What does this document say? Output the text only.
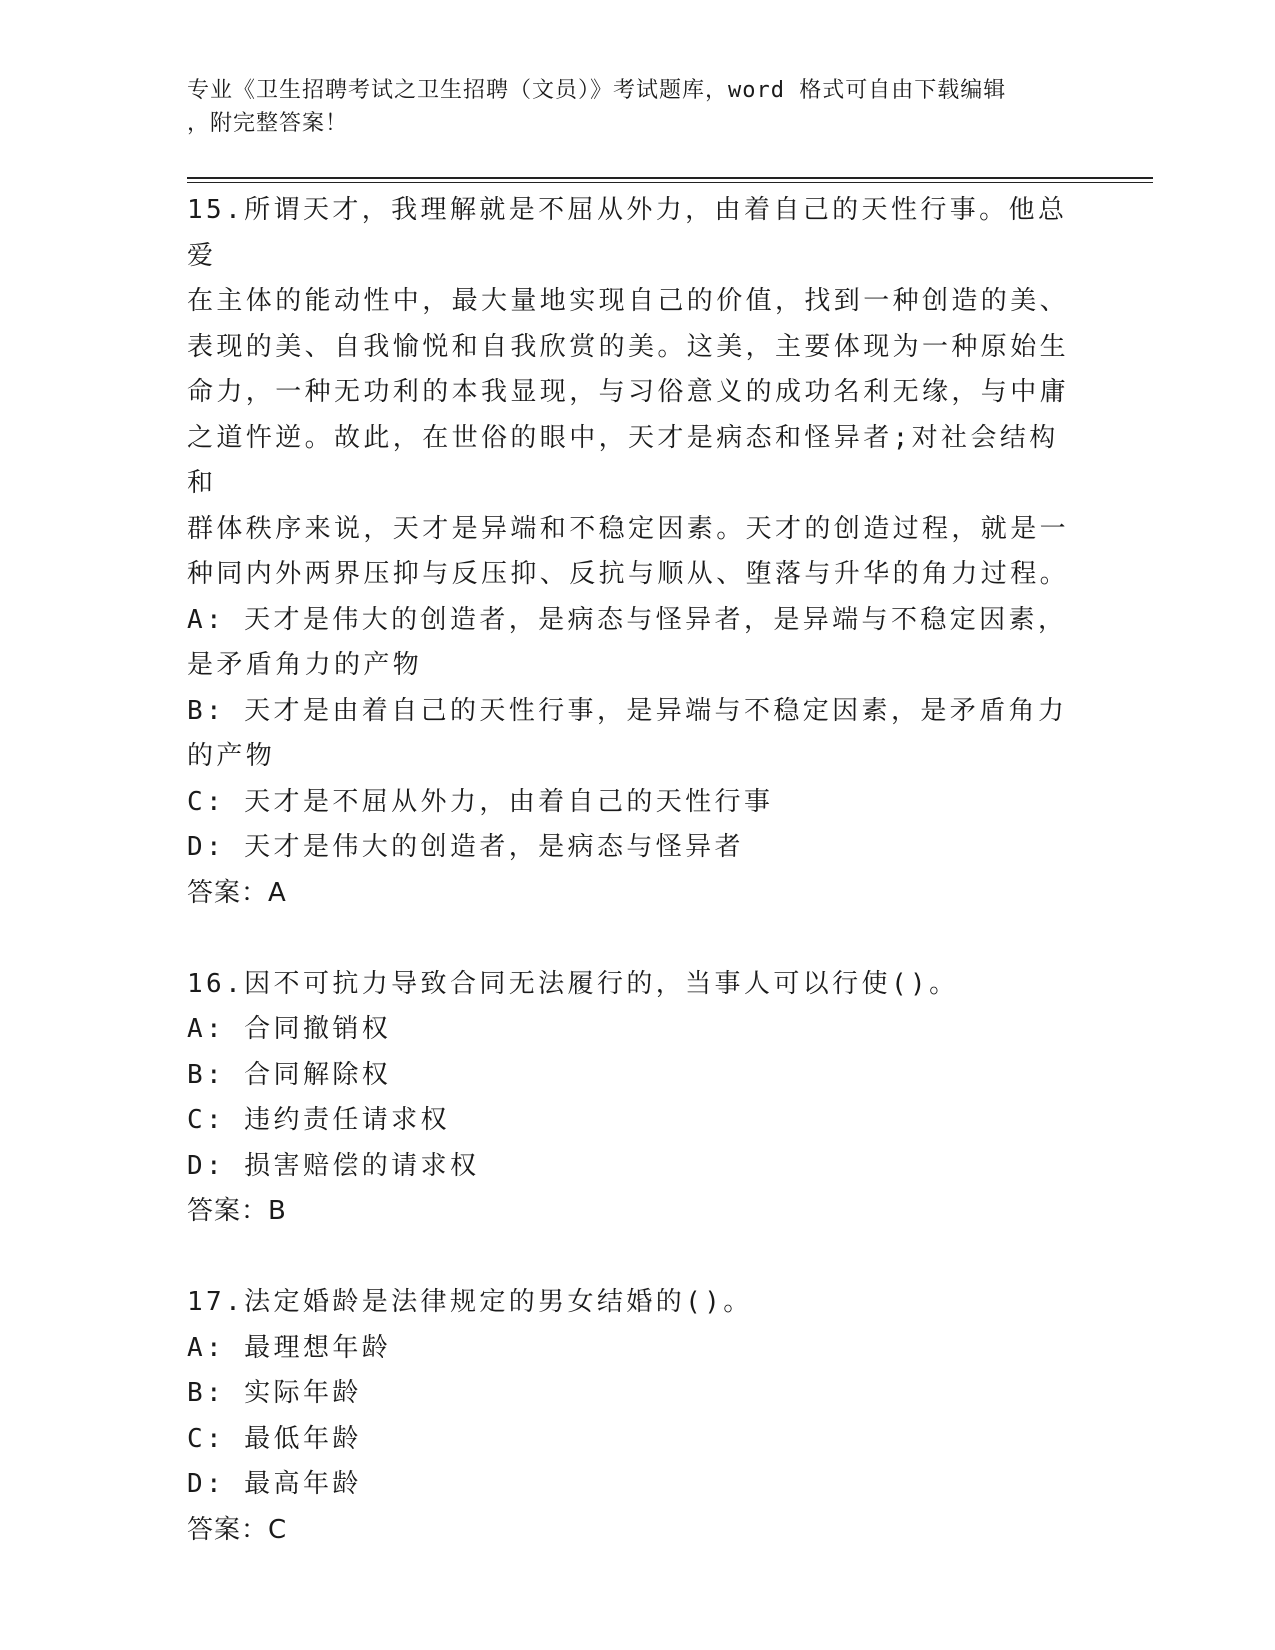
专业《卫生招聘考试之卫生招聘（文员）》考试题库，word 格式可自由下载编辑
，附完整答案！
15.所谓天才，我理解就是不屈从外力，由着自己的天性行事。他总爱
在主体的能动性中，最大量地实现自己的价值，找到一种创造的美、
表现的美、自我愉悦和自我欣赏的美。这美，主要体现为一种原始生
命力，一种无功利的本我显现，与习俗意义的成功名利无缘，与中庸
之道忤逆。故此，在世俗的眼中，天才是病态和怪异者;对社会结构和
群体秩序来说，天才是异端和不稳定因素。天才的创造过程，就是一
种同内外两界压抑与反压抑、反抗与顺从、堕落与升华的角力过程。
A: 天才是伟大的创造者，是病态与怪异者，是异端与不稳定因素，是矛盾角力的产物
B: 天才是由着自己的天性行事，是异端与不稳定因素，是矛盾角力的产物
C: 天才是不屈从外力，由着自己的天性行事
D: 天才是伟大的创造者，是病态与怪异者
答案：A
16.因不可抗力导致合同无法履行的，当事人可以行使()。
A: 合同撤销权
B: 合同解除权
C: 违约责任请求权
D: 损害赔偿的请求权
答案：B
17.法定婚龄是法律规定的男女结婚的()。
A: 最理想年龄
B: 实际年龄
C: 最低年龄
D: 最高年龄
答案：C
